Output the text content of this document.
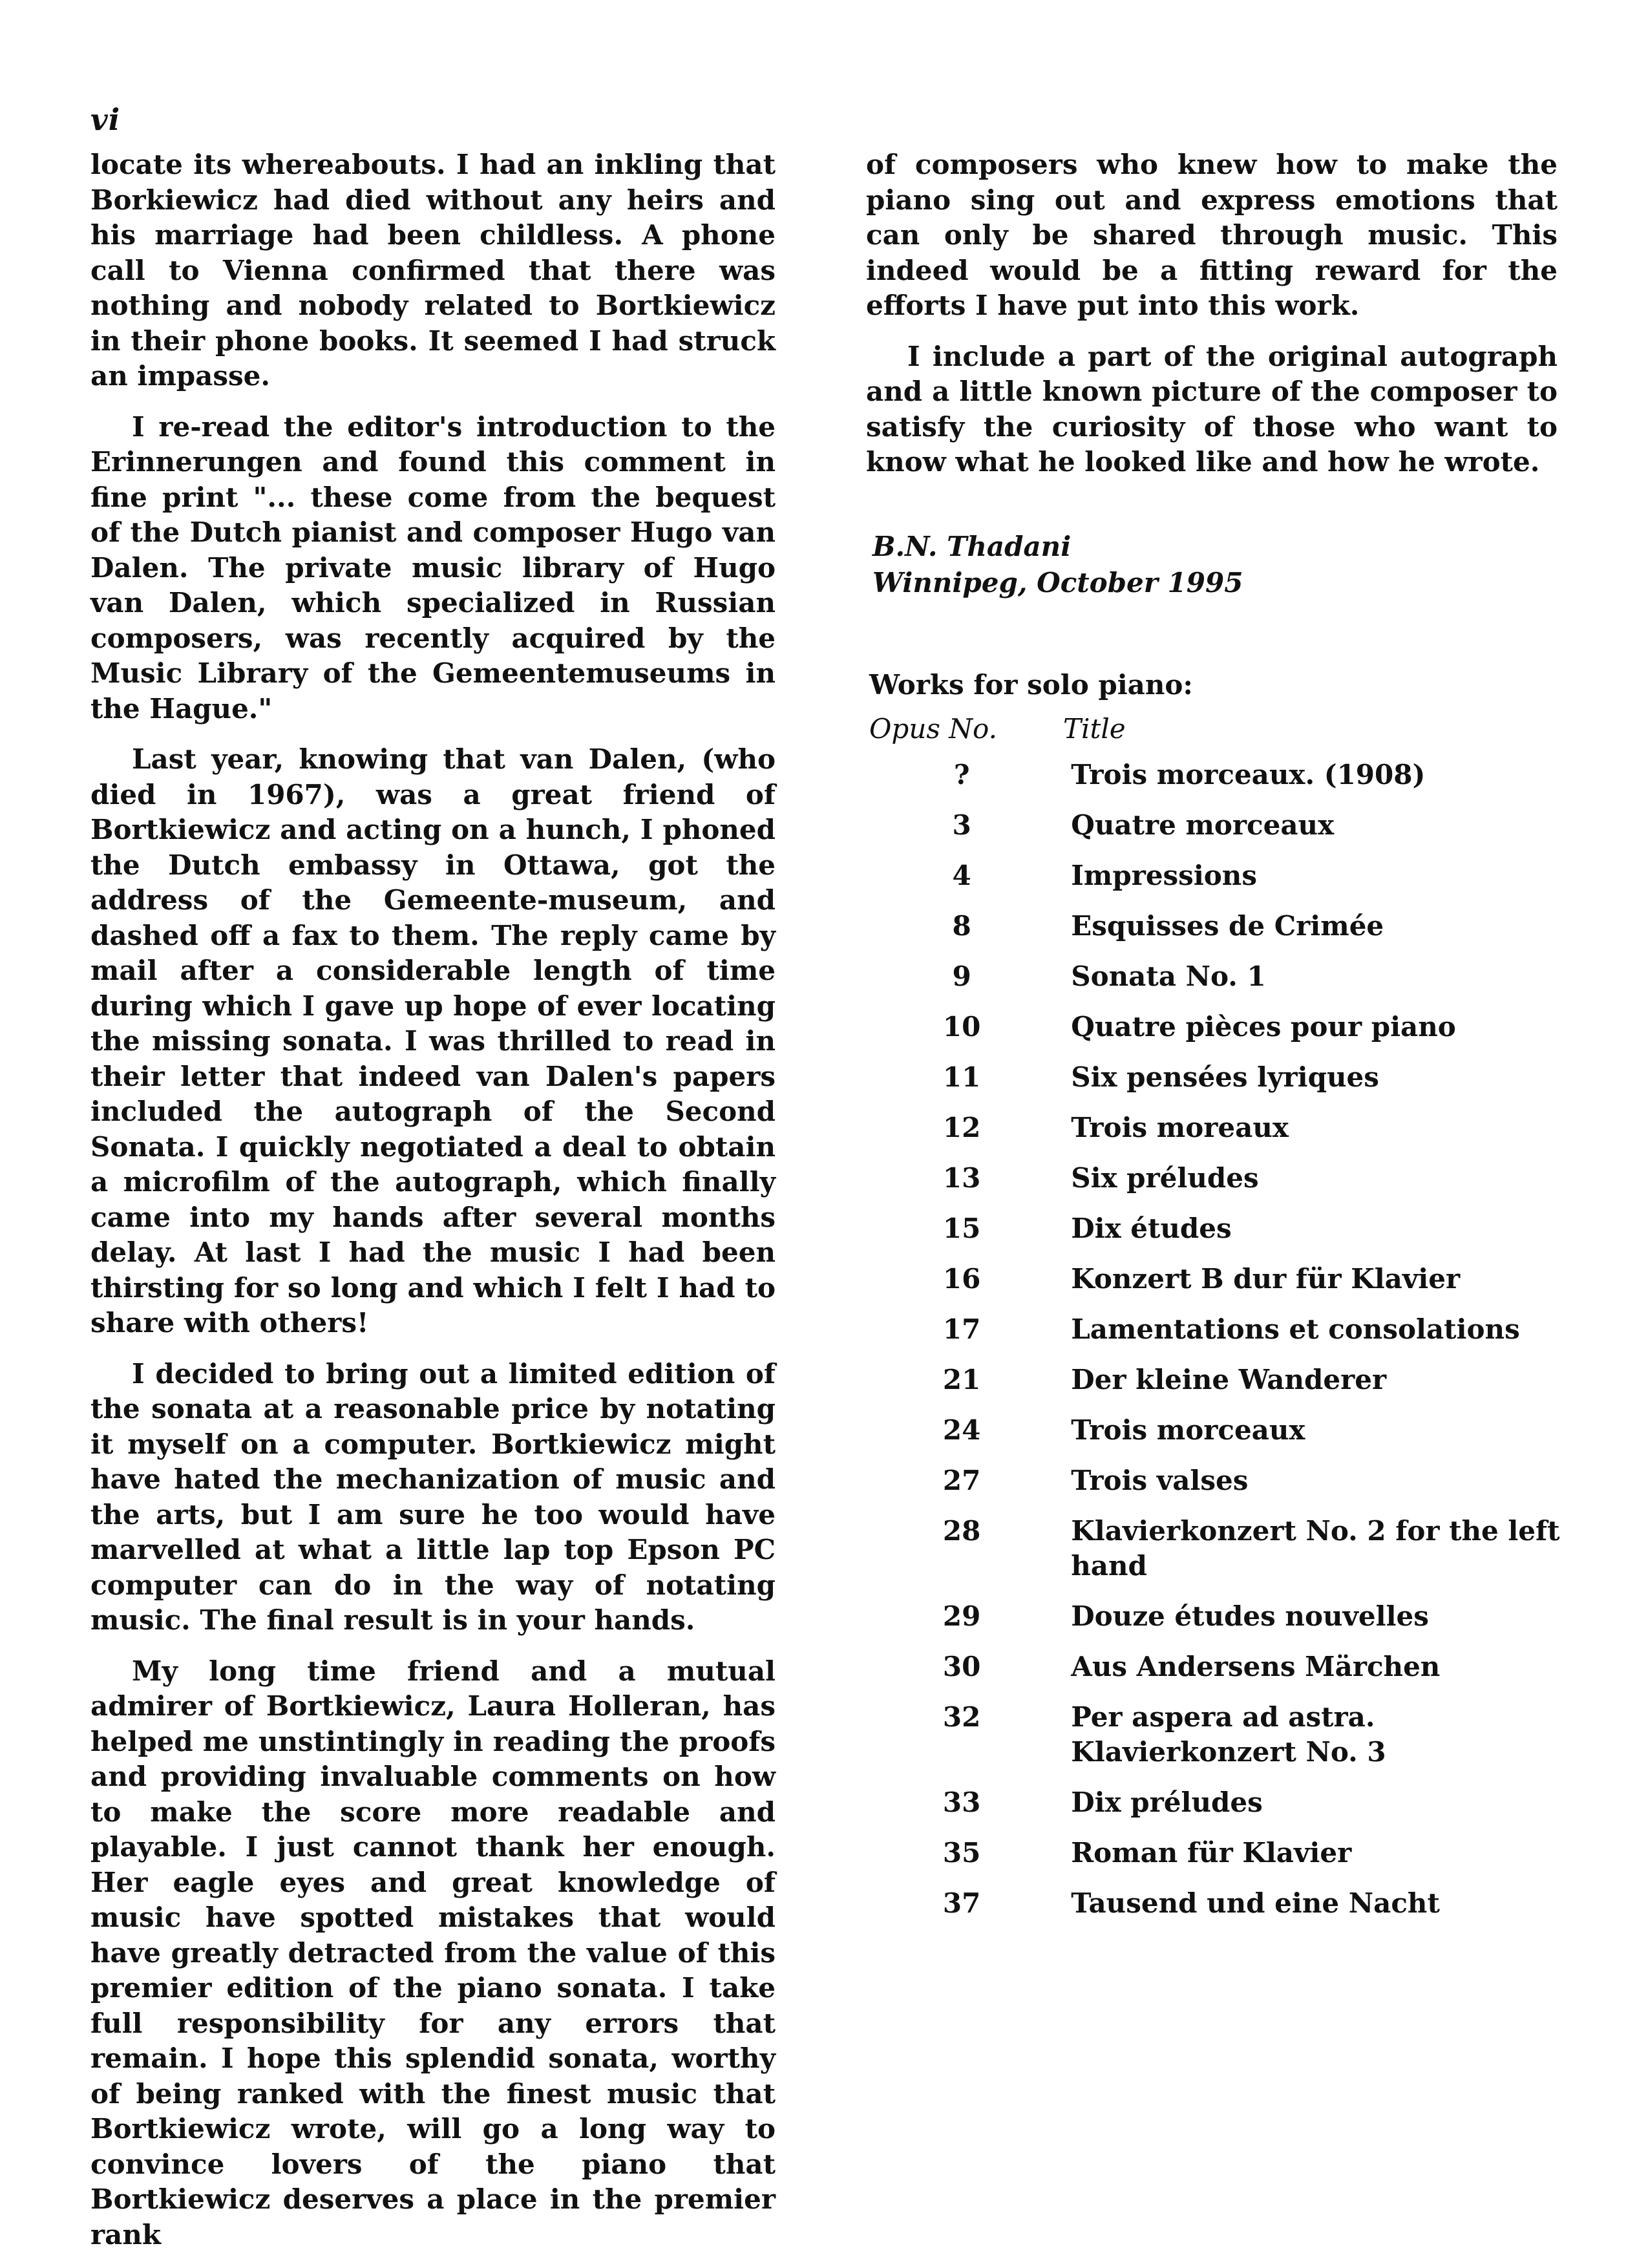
vi

locate its whereabouts. I had an inkling that Borkiewicz had died without any heirs and his marriage had been childless. A phone call to Vienna confirmed that there was nothing and nobody related to Bortkiewicz in their phone books. It seemed I had struck an impasse.

I re-read the editor's introduction to the Erinnerungen and found this comment in fine print "... these come from the bequest of the Dutch pianist and composer Hugo van Dalen. The private music library of Hugo van Dalen, which specialized in Russian composers, was recently acquired by the Music Library of the Gemeentemuseums in the Hague."

Last year, knowing that van Dalen, (who died in 1967), was a great friend of Bortkiewicz and acting on a hunch, I phoned the Dutch embassy in Ottawa, got the address of the Gemeente-museum, and dashed off a fax to them. The reply came by mail after a considerable length of time during which I gave up hope of ever locating the missing sonata. I was thrilled to read in their letter that indeed van Dalen's papers included the autograph of the Second Sonata. I quickly negotiated a deal to obtain a microfilm of the autograph, which finally came into my hands after several months delay. At last I had the music I had been thirsting for so long and which I felt I had to share with others!

I decided to bring out a limited edition of the sonata at a reasonable price by notating it myself on a computer. Bortkiewicz might have hated the mechanization of music and the arts, but I am sure he too would have marvelled at what a little lap top Epson PC computer can do in the way of notating music. The final result is in your hands.

My long time friend and a mutual admirer of Bortkiewicz, Laura Holleran, has helped me unstintingly in reading the proofs and providing invaluable comments on how to make the score more readable and playable. I just cannot thank her enough. Her eagle eyes and great knowledge of music have spotted mistakes that would have greatly detracted from the value of this premier edition of the piano sonata. I take full responsibility for any errors that remain. I hope this splendid sonata, worthy of being ranked with the finest music that Bortkiewicz wrote, will go a long way to convince lovers of the piano that Bortkiewicz deserves a place in the premier rank

of composers who knew how to make the piano sing out and express emotions that can only be shared through music. This indeed would be a fitting reward for the efforts I have put into this work.

I include a part of the original autograph and a little known picture of the composer to satisfy the curiosity of those who want to know what he looked like and how he wrote.

B.N. Thadani
Winnipeg, October 1995
Works for solo piano:
Opus No.	Title
?	Trois morceaux. (1908)
3	Quatre morceaux
4	Impressions
8	Esquisses de Crimée
9	Sonata No. 1
10	Quatre pièces pour piano
11	Six pensées lyriques
12	Trois moreaux
13	Six préludes
15	Dix études
16	Konzert B dur für Klavier
17	Lamentations et consolations
21	Der kleine Wanderer
24	Trois morceaux
27	Trois valses
28	Klavierkonzert No. 2 for the left hand
29	Douze études nouvelles
30	Aus Andersens Märchen
32	Per aspera ad astra. Klavierkonzert No. 3
33	Dix préludes
35	Roman für Klavier
37	Tausend und eine Nacht
